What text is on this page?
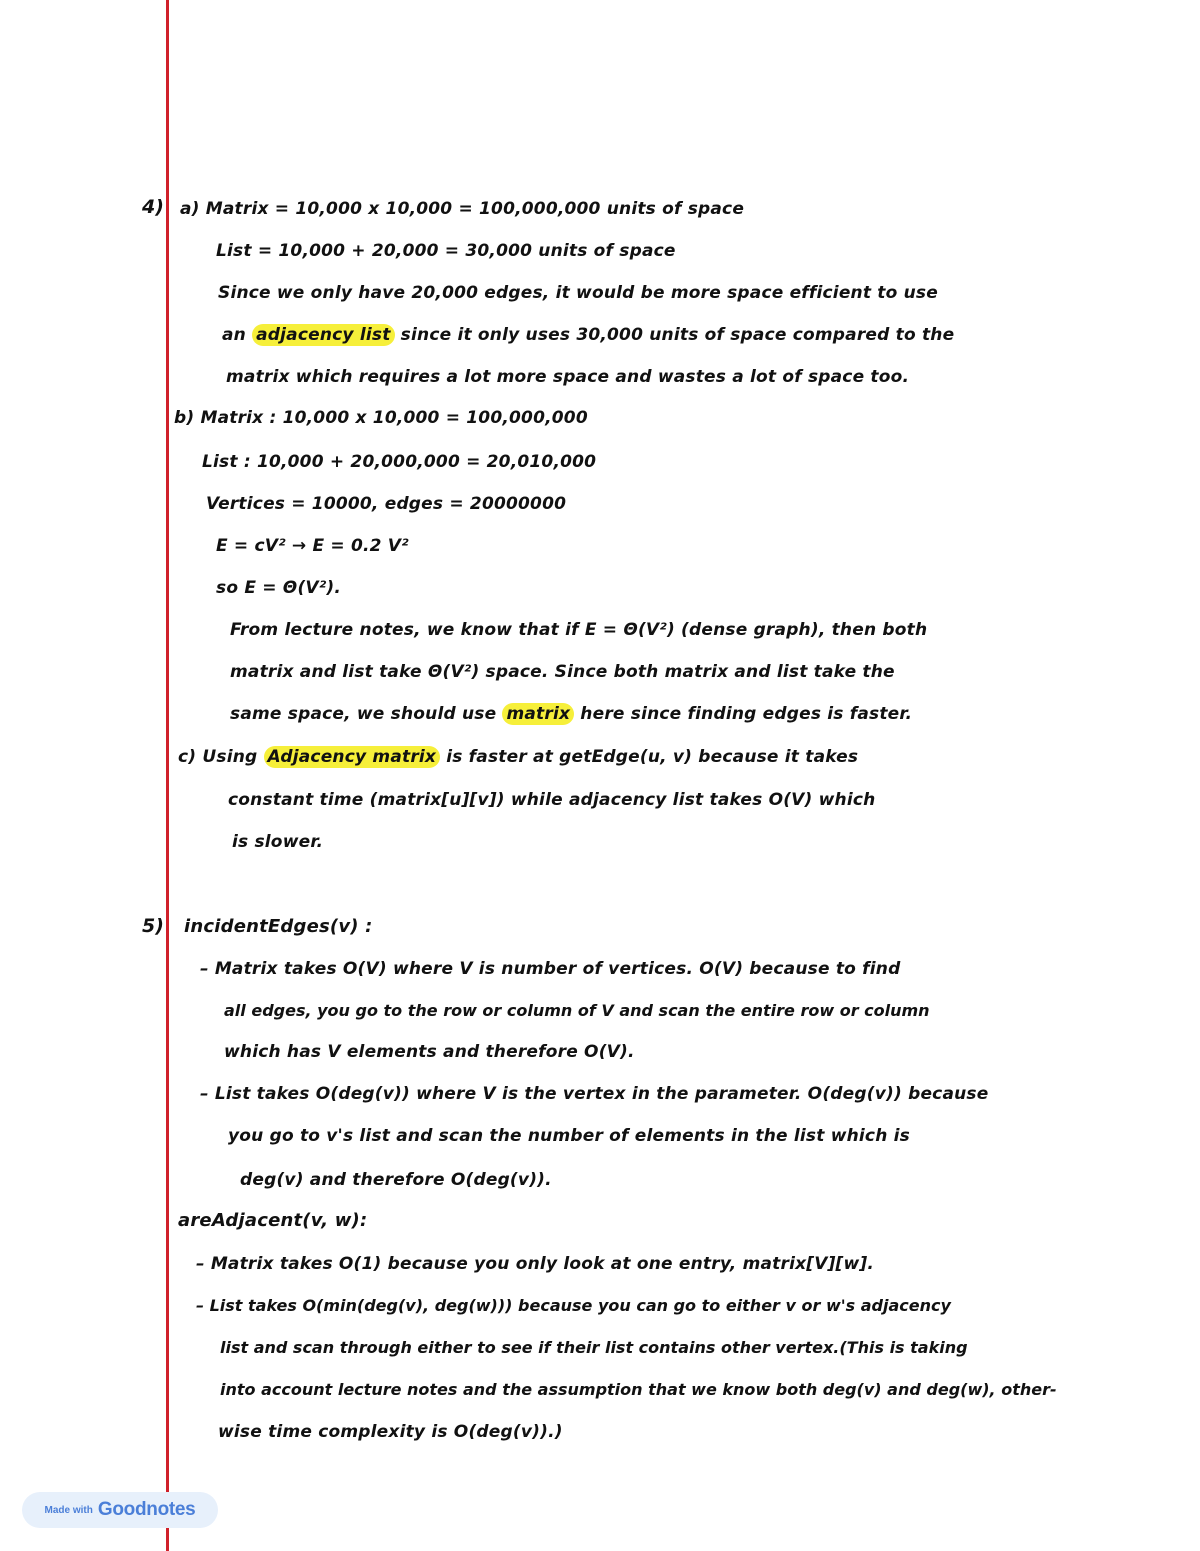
4) a) Matrix = 10,000 x 10,000 = 100,000,000 units of space
List = 10,000 + 20,000 = 30,000 units of space
Since we only have 20,000 edges, it would be more space efficient to use
an adjacency list since it only uses 30,000 units of space compared to the
matrix which requires a lot more space and wastes a lot of space too.
b) Matrix : 10,000 x 10,000 = 100,000,000
List : 10,000 + 20,000,000 = 20,010,000
Vertices = 10000, edges = 20000000
E = cV² → E = 0.2 V²
so E = Θ(V²).
From lecture notes, we know that if E = Θ(V²) (dense graph), then both
matrix and list take Θ(V²) space. Since both matrix and list take the
same space, we should use matrix here since finding edges is faster.
c) Using Adjacency matrix is faster at getEdge(u, v) because it takes
constant time (matrix[u][v]) while adjacency list takes O(V) which
is slower.
5) incidentEdges(v) :
– Matrix takes O(V) where V is number of vertices. O(V) because to find
all edges, you go to the row or column of V and scan the entire row or column
which has V elements and therefore O(V).
– List takes O(deg(v)) where V is the vertex in the parameter. O(deg(v)) because
you go to v's list and scan the number of elements in the list which is
deg(v) and therefore O(deg(v)).
areAdjacent(v, w):
– Matrix takes O(1) because you only look at one entry, matrix[V][w].
– List takes O(min(deg(v), deg(w))) because you can go to either v or w's adjacency
list and scan through either to see if their list contains other vertex.(This is taking
into account lecture notes and the assumption that we know both deg(v) and deg(w), other-
wise time complexity is O(deg(v)).)
Made with Goodnotes
